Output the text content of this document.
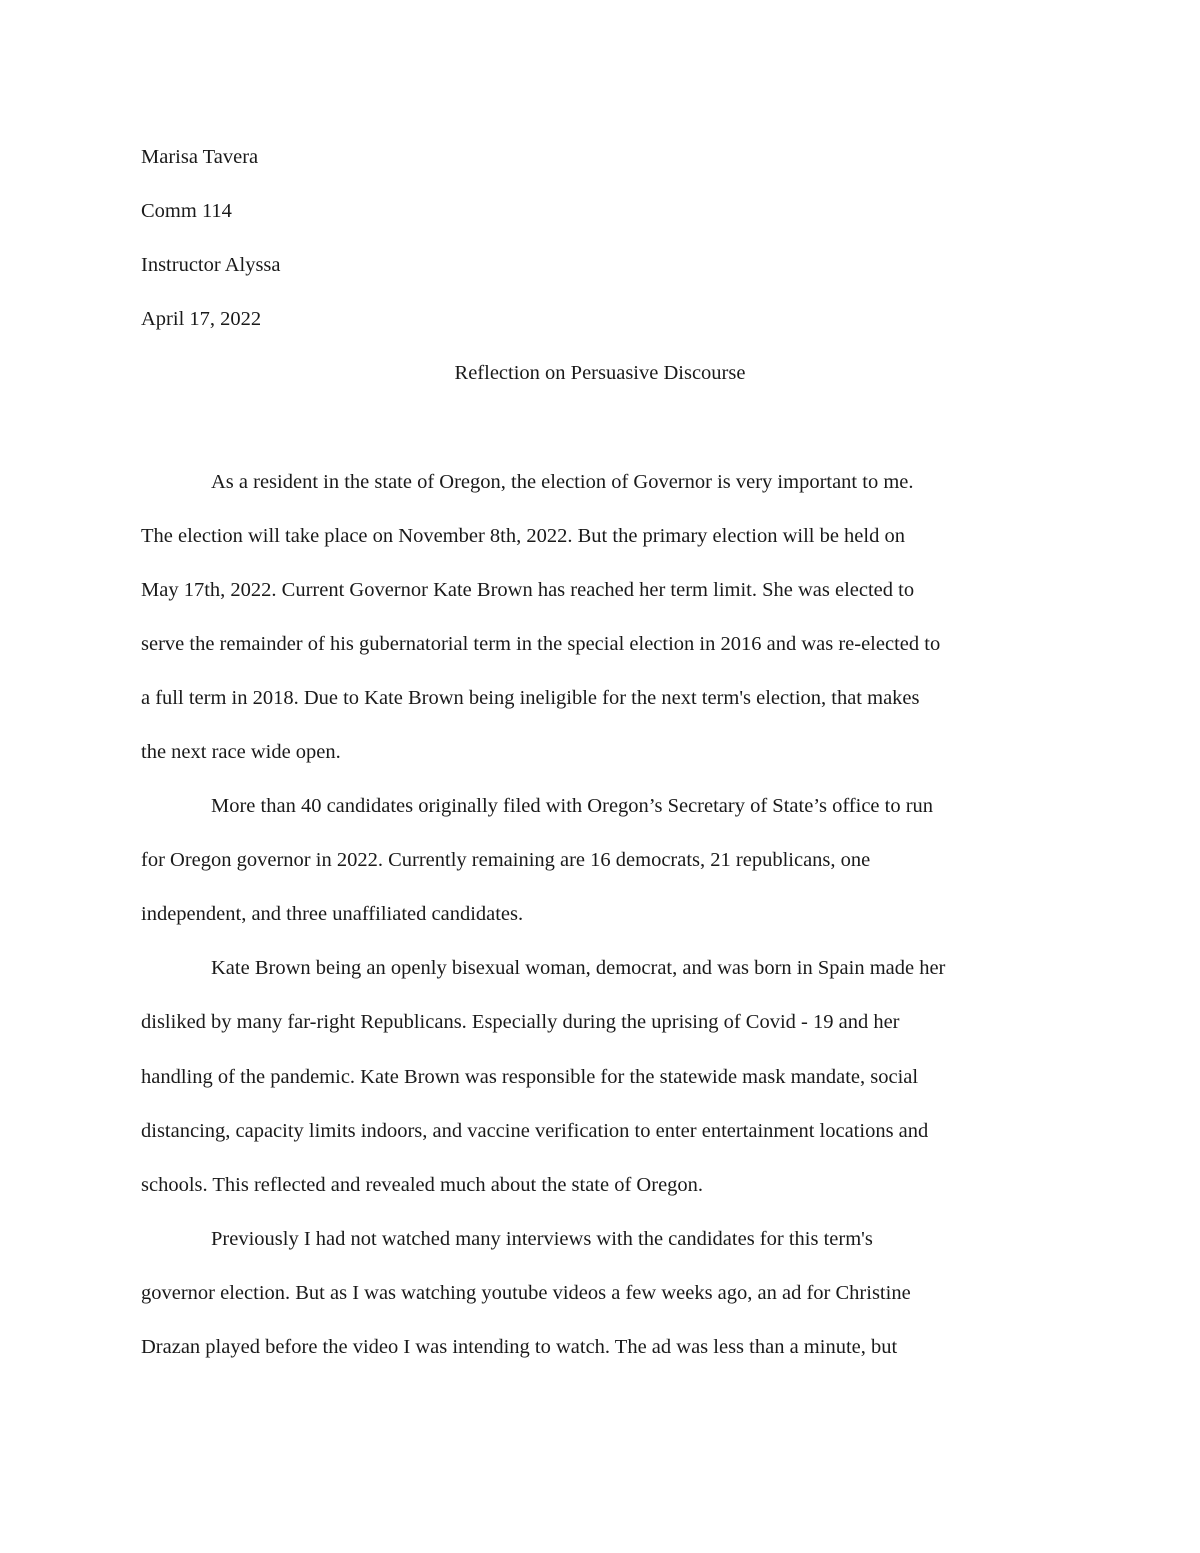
Marisa Tavera
Comm 114
Instructor Alyssa
April 17, 2022
Reflection on Persuasive Discourse
As a resident in the state of Oregon, the election of Governor is very important to me.
The election will take place on November 8th, 2022. But the primary election will be held on
May 17th, 2022. Current Governor Kate Brown has reached her term limit. She was elected to
serve the remainder of his gubernatorial term in the special election in 2016 and was re-elected to
a full term in 2018. Due to Kate Brown being ineligible for the next term's election, that makes
the next race wide open.
More than 40 candidates originally filed with Oregon’s Secretary of State’s office to run
for Oregon governor in 2022. Currently remaining are 16 democrats, 21 republicans, one
independent, and three unaffiliated candidates.
Kate Brown being an openly bisexual woman, democrat, and was born in Spain made her
disliked by many far-right Republicans. Especially during the uprising of Covid - 19 and her
handling of the pandemic. Kate Brown was responsible for the statewide mask mandate, social
distancing, capacity limits indoors, and vaccine verification to enter entertainment locations and
schools. This reflected and revealed much about the state of Oregon.
Previously I had not watched many interviews with the candidates for this term's
governor election. But as I was watching youtube videos a few weeks ago, an ad for Christine
Drazan played before the video I was intending to watch. The ad was less than a minute, but
